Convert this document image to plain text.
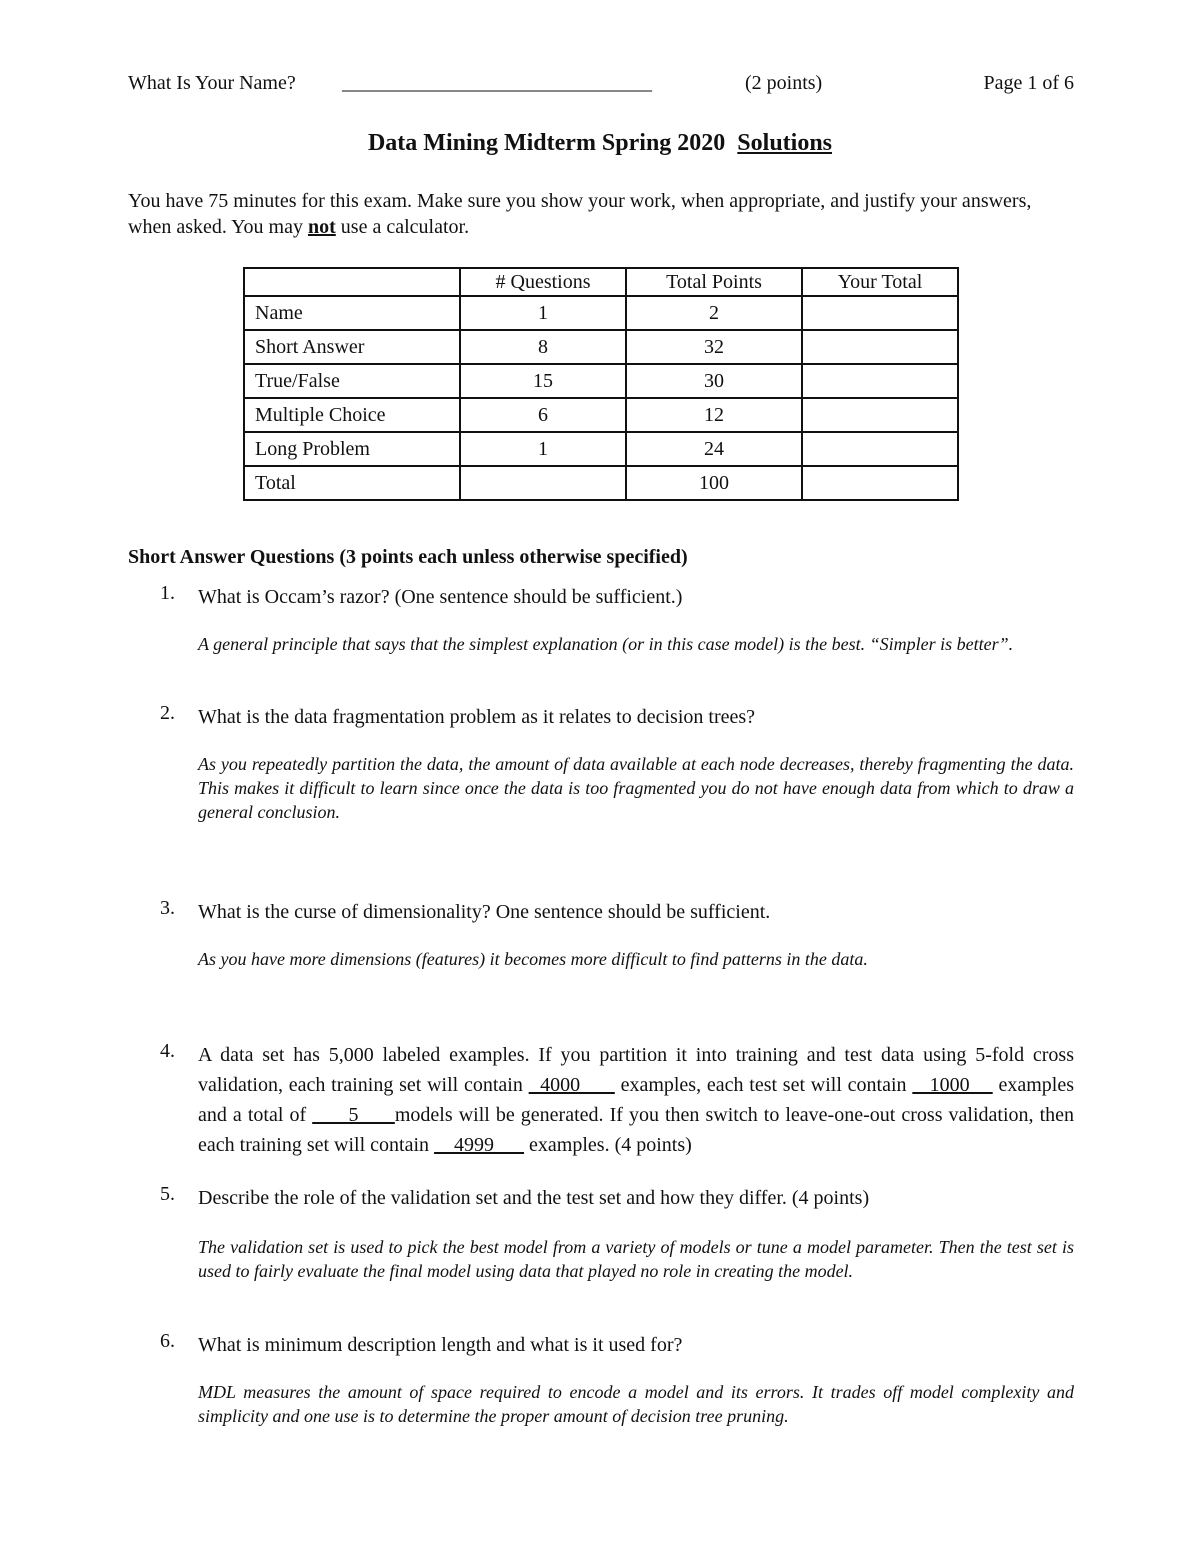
What Is Your Name? _______________________________	(2 points)	Page 1 of 6
Data Mining Midterm Spring 2020 Solutions
You have 75 minutes for this exam. Make sure you show your work, when appropriate, and justify your answers, when asked. You may not use a calculator.
	# Questions	Total Points	Your Total
Name	1	2	
Short Answer	8	32	
True/False	15	30	
Multiple Choice	6	12	
Long Problem	1	24	
Total		100	
Short Answer Questions (3 points each unless otherwise specified)
1. What is Occam’s razor? (One sentence should be sufficient.)
A general principle that says that the simplest explanation (or in this case model) is the best. “Simpler is better”.
2. What is the data fragmentation problem as it relates to decision trees?
As you repeatedly partition the data, the amount of data available at each node decreases, thereby fragmenting the data. This makes it difficult to learn since once the data is too fragmented you do not have enough data from which to draw a general conclusion.
3. What is the curse of dimensionality? One sentence should be sufficient.
As you have more dimensions (features) it becomes more difficult to find patterns in the data.
4. A data set has 5,000 labeled examples. If you partition it into training and test data using 5-fold cross validation, each training set will contain   4000       examples, each test set will contain    1000     examples and a total of       5      models will be generated. If you then switch to leave-one-out cross validation, then each training set will contain     4999       examples. (4 points)
5. Describe the role of the validation set and the test set and how they differ. (4 points)
The validation set is used to pick the best model from a variety of models or tune a model parameter. Then the test set is used to fairly evaluate the final model using data that played no role in creating the model.
6. What is minimum description length and what is it used for?
MDL measures the amount of space required to encode a model and its errors. It trades off model complexity and simplicity and one use is to determine the proper amount of decision tree pruning.
